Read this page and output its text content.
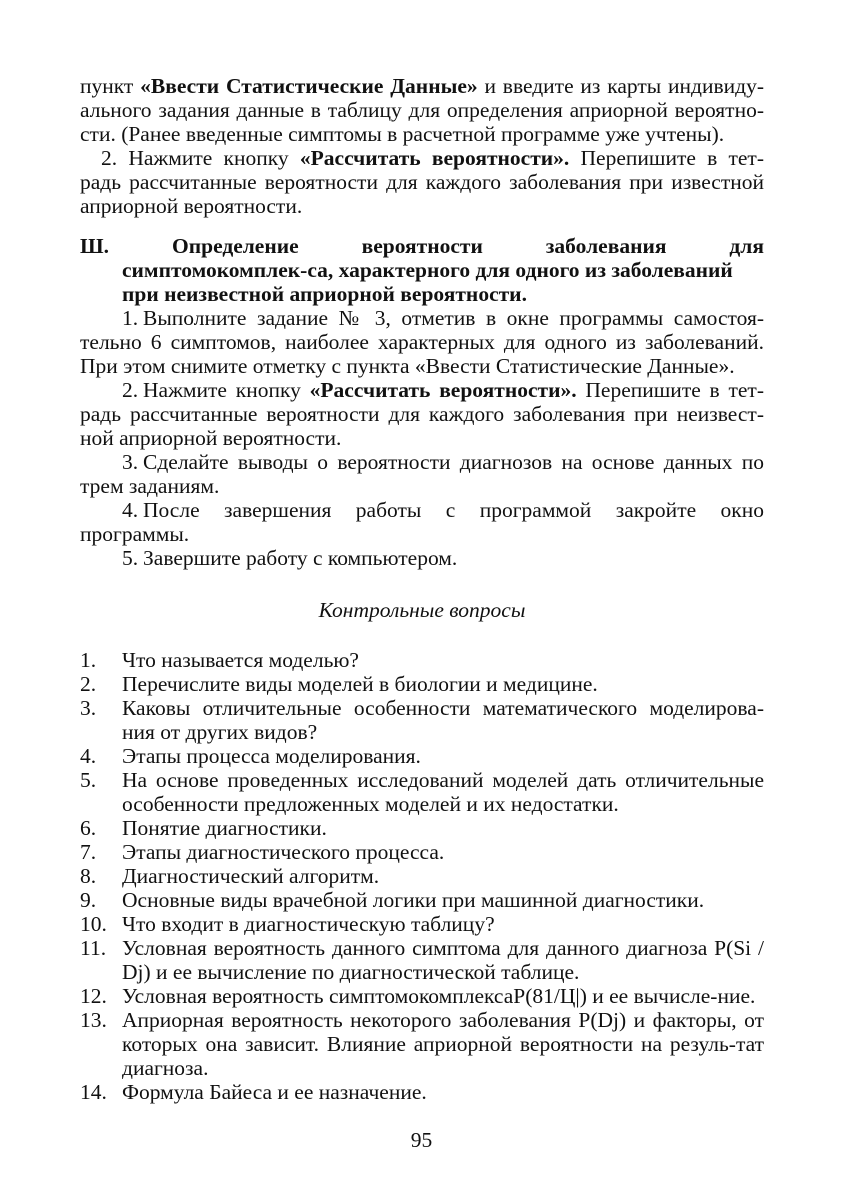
пункт «Ввести Статистические Данные» и введите из карты индивиду-ального задания данные в таблицу для определения априорной вероятно-сти. (Ранее введенные симптомы в расчетной программе уже учтены).

2. Нажмите кнопку «Рассчитать вероятности». Перепишите в тет-радь рассчитанные вероятности для каждого заболевания при известной априорной вероятности.

Ш.	Определение	вероятности	заболевания	для
симптомокомплек-са, характерного для одного из заболеваний при неизвестной априорной вероятности.

1. Выполните задание № 3, отметив в окне программы самостоя-тельно 6 симптомов, наиболее характерных для одного из заболеваний. При этом снимите отметку с пункта «Ввести Статистические Данные».

2. Нажмите кнопку «Рассчитать вероятности». Перепишите в тет-радь рассчитанные вероятности для каждого заболевания при неизвест-ной априорной вероятности.

3. Сделайте выводы о вероятности диагнозов на основе данных по трем заданиям.

4. После завершения работы с программой закройте окно программы.

5. Завершите работу с компьютером.

Контрольные вопросы
1. Что называется моделью?
2. Перечислите виды моделей в биологии и медицине.
3. Каковы отличительные особенности математического моделирова-ния от других видов?
4. Этапы процесса моделирования.
5. На основе проведенных исследований моделей дать отличительные особенности предложенных моделей и их недостатки.
6. Понятие диагностики.
7. Этапы диагностического процесса.
8. Диагностический алгоритм.
9. Основные виды врачебной логики при машинной диагностики.
10. Что входит в диагностическую таблицу?
11. Условная вероятность данного симптома для данного диагноза P(Si / Dj) и ее вычисление по диагностической таблице.
12. Условная вероятность симптомокомплексаP(81/Ц|) и ее вычисле-ние.
13. Априорная вероятность некоторого заболевания P(Dj) и факторы, от которых она зависит. Влияние априорной вероятности на резуль-тат диагноза.
14. Формула Байеса и ее назначение.
95
